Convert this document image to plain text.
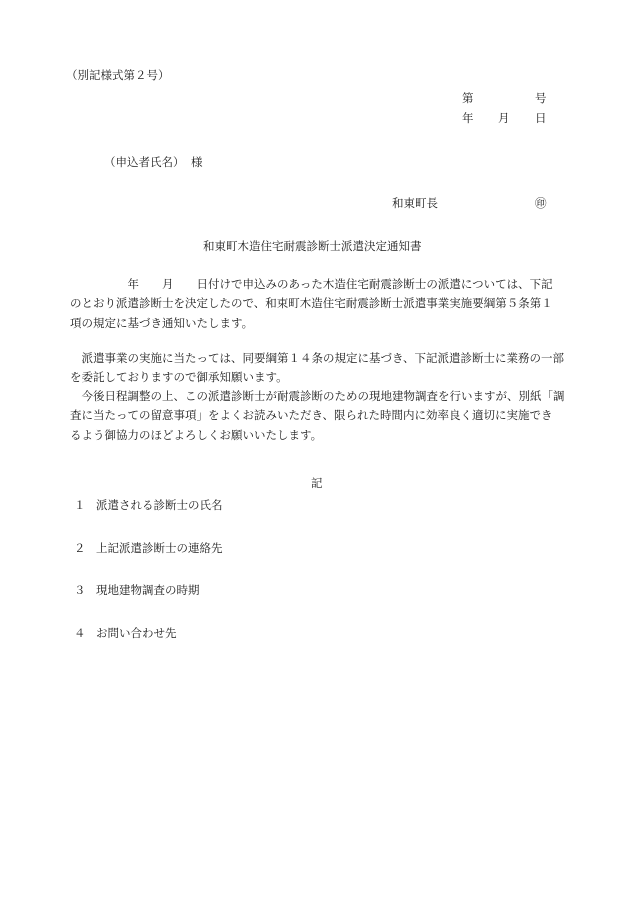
（別記様式第２号）
第	号
年 月 日
（申込者氏名） 様
和東町長	㊞
和東町木造住宅耐震診断士派遣決定通知書
　　　　　年　　月　　日付けで申込みのあった木造住宅耐震診断士の派遣については、下記
のとおり派遣診断士を決定したので、和束町木造住宅耐震診断士派遣事業実施要綱第５条第１
項の規定に基づき通知いたします。
　派遣事業の実施に当たっては、同要綱第１４条の規定に基づき、下記派遣診断士に業務の一部
を委託しておりますので御承知願います。
　今後日程調整の上、この派遣診断士が耐震診断のための現地建物調査を行いますが、別紙「調
査に当たっての留意事項」をよくお読みいただき、限られた時間内に効率良く適切に実施でき
るよう御協力のほどよろしくお願いいたします。
記
１ 派遣される診断士の氏名
２ 上記派遣診断士の連絡先
３ 現地建物調査の時期
４ お問い合わせ先
